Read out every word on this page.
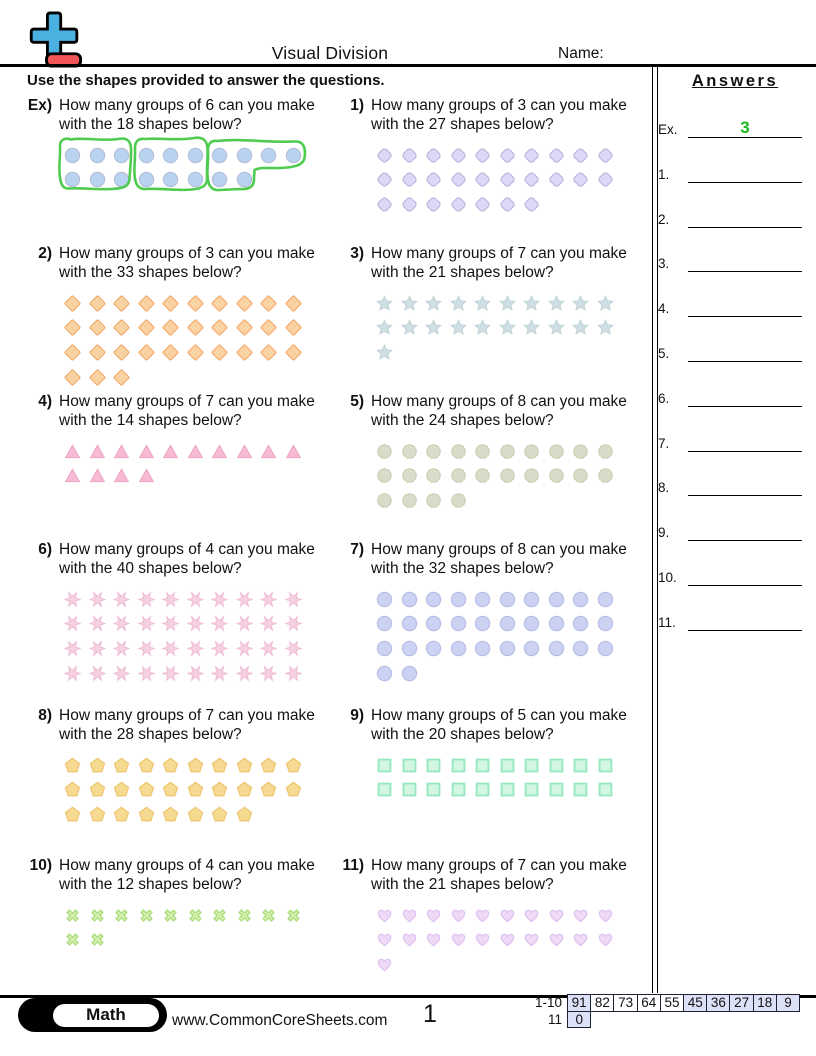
Visual Division	Name:
Use the shapes provided to answer the questions.	Answers
Ex.	3
1.
2.
3.
4.
5.
6.
7.
8.
9.
10.
11.
Ex) How many groups of 6 can you make
with the 18 shapes below?
1) How many groups of 3 can you make
with the 27 shapes below?
2) How many groups of 3 can you make
with the 33 shapes below?
3) How many groups of 7 can you make
with the 21 shapes below?
4) How many groups of 7 can you make
with the 14 shapes below?
5) How many groups of 8 can you make
with the 24 shapes below?
6) How many groups of 4 can you make
with the 40 shapes below?
7) How many groups of 8 can you make
with the 32 shapes below?
8) How many groups of 7 can you make
with the 28 shapes below?
9) How many groups of 5 can you make
with the 20 shapes below?
10) How many groups of 4 can you make
with the 12 shapes below?
11) How many groups of 7 can you make
with the 21 shapes below?
Math	www.CommonCoreSheets.com	1	1-10 91 82 73 64 55 45 36 27 18 9
11 0
